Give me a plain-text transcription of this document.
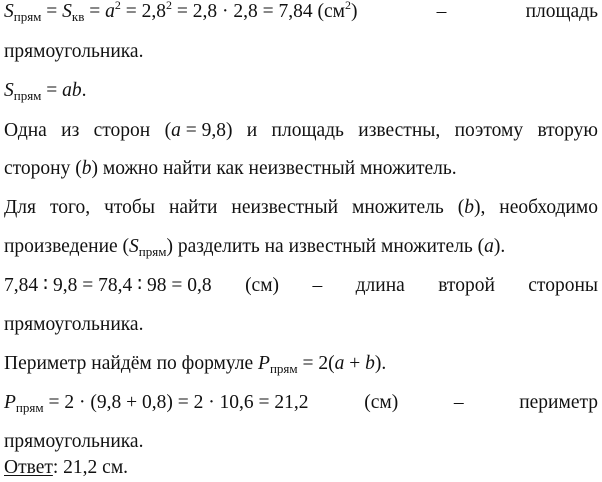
$S_{прям} = S_{кв} = a^2 = 2,8^2 = 2,8 \cdot 2,8 = 7,84$ $(см^2)$	–	площадь
прямоугольника.
$S_{прям}$ = ab.
Одна из сторон (a = 9,8) и площадь известны, поэтому вторую
сторону (b) можно найти как неизвестный множитель.
Для того, чтобы найти неизвестный множитель (b), необходимо
произведение $(S_{прям})$ разделить на известный множитель (a).
7,84 ∶ 9,8 = 78,4 ∶ 98 = 0,8 (см) – длина второй стороны
прямоугольника.
Периметр найдём по формуле $P_{прям} = 2(a + b)$.
$P_{прям} = 2 \cdot (9,8 + 0,8) = 2 \cdot 10,6 = 21,2$	(см)	–	периметр
прямоугольника.
Ответ: 21,2 см.
